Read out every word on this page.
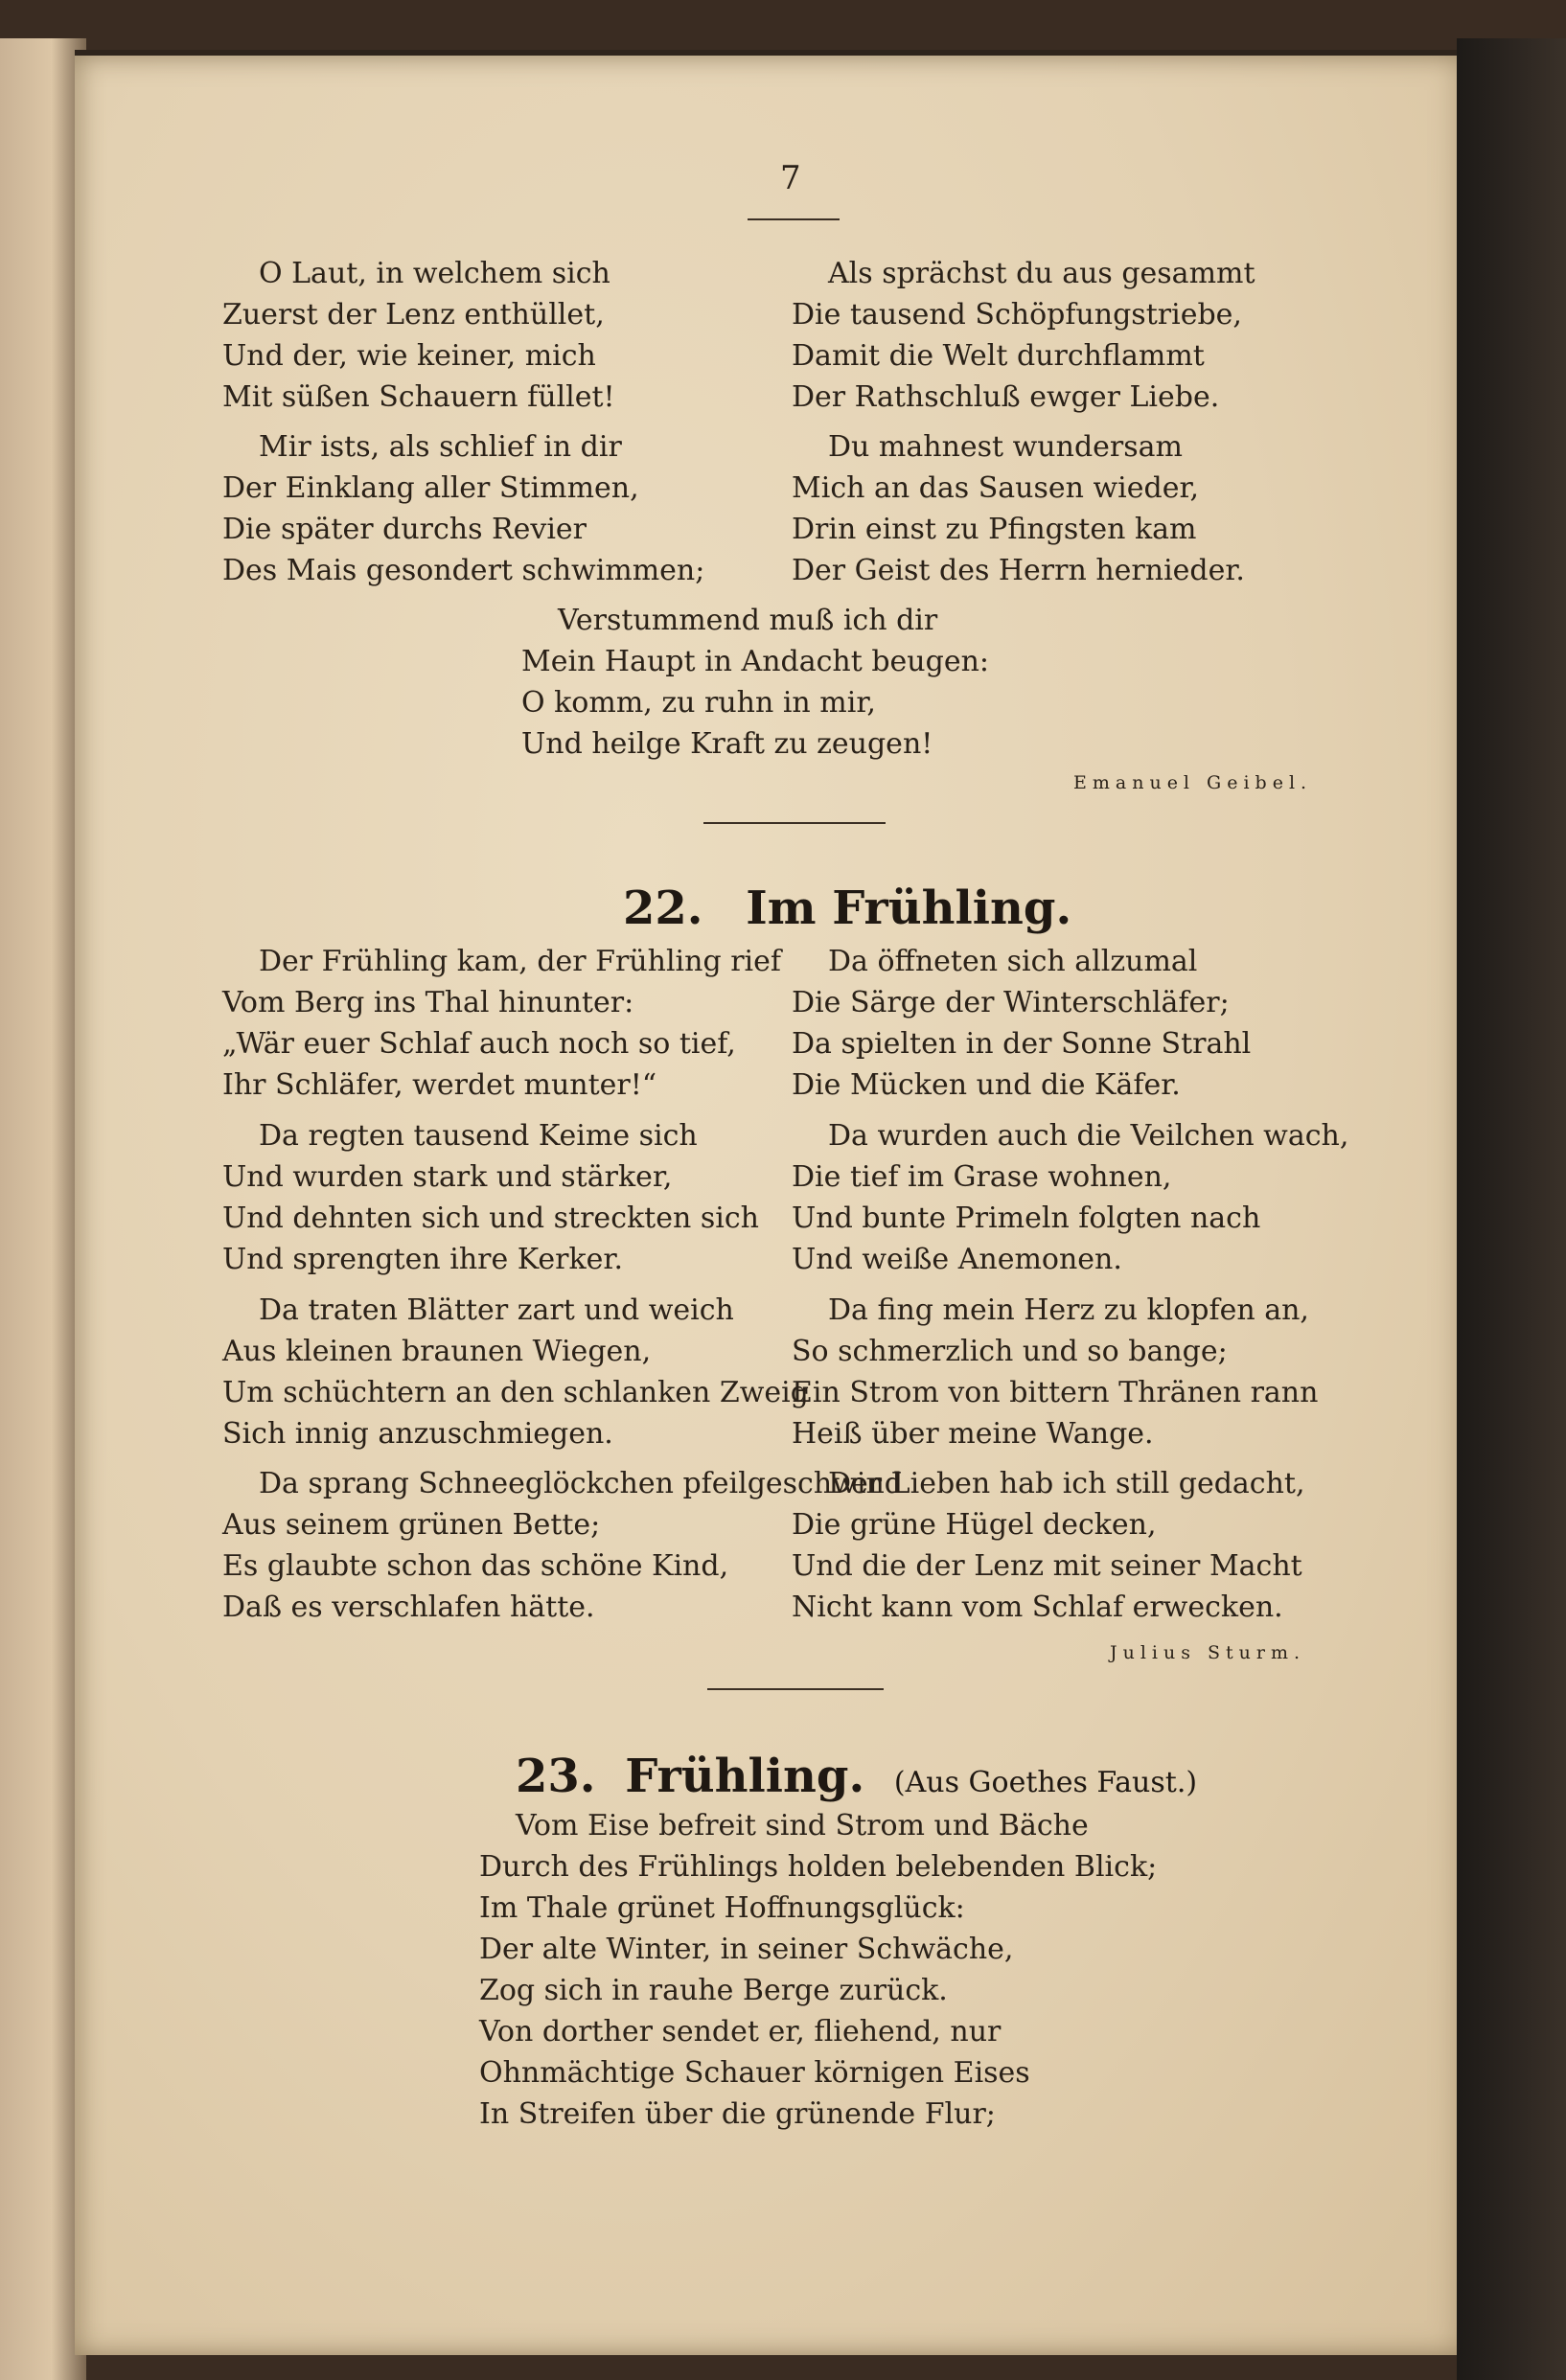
7
O Laut, in welchem sich
Zuerst der Lenz enthüllet,
Und der, wie keiner, mich
Mit süßen Schauern füllet!
Mir ists, als schlief in dir
Der Einklang aller Stimmen,
Die später durchs Revier
Des Mais gesondert schwimmen;
Als sprächst du aus gesammt
Die tausend Schöpfungstriebe,
Damit die Welt durchflammt
Der Rathschluß ewger Liebe.
Du mahnest wundersam
Mich an das Sausen wieder,
Drin einst zu Pfingsten kam
Der Geist des Herrn hernieder.
Verstummend muß ich dir
Mein Haupt in Andacht beugen:
O komm, zu ruhn in mir,
Und heilge Kraft zu zeugen!
Emanuel Geibel.
22. Im Frühling.
Der Frühling kam, der Frühling rief
Vom Berg ins Thal hinunter:
„Wär euer Schlaf auch noch so tief,
Ihr Schläfer, werdet munter!“
Da regten tausend Keime sich
Und wurden stark und stärker,
Und dehnten sich und streckten sich
Und sprengten ihre Kerker.
Da traten Blätter zart und weich
Aus kleinen braunen Wiegen,
Um schüchtern an den schlanken Zweig
Sich innig anzuschmiegen.
Da sprang Schneeglöckchen pfeilgeschwind
Aus seinem grünen Bette;
Es glaubte schon das schöne Kind,
Daß es verschlafen hätte.
Da öffneten sich allzumal
Die Särge der Winterschläfer;
Da spielten in der Sonne Strahl
Die Mücken und die Käfer.
Da wurden auch die Veilchen wach,
Die tief im Grase wohnen,
Und bunte Primeln folgten nach
Und weiße Anemonen.
Da fing mein Herz zu klopfen an,
So schmerzlich und so bange;
Ein Strom von bittern Thränen rann
Heiß über meine Wange.
Der Lieben hab ich still gedacht,
Die grüne Hügel decken,
Und die der Lenz mit seiner Macht
Nicht kann vom Schlaf erwecken.
Julius Sturm.
23. Frühling. (Aus Goethes Faust.)
Vom Eise befreit sind Strom und Bäche
Durch des Frühlings holden belebenden Blick;
Im Thale grünet Hoffnungsglück:
Der alte Winter, in seiner Schwäche,
Zog sich in rauhe Berge zurück.
Von dorther sendet er, fliehend, nur
Ohnmächtige Schauer körnigen Eises
In Streifen über die grünende Flur;
